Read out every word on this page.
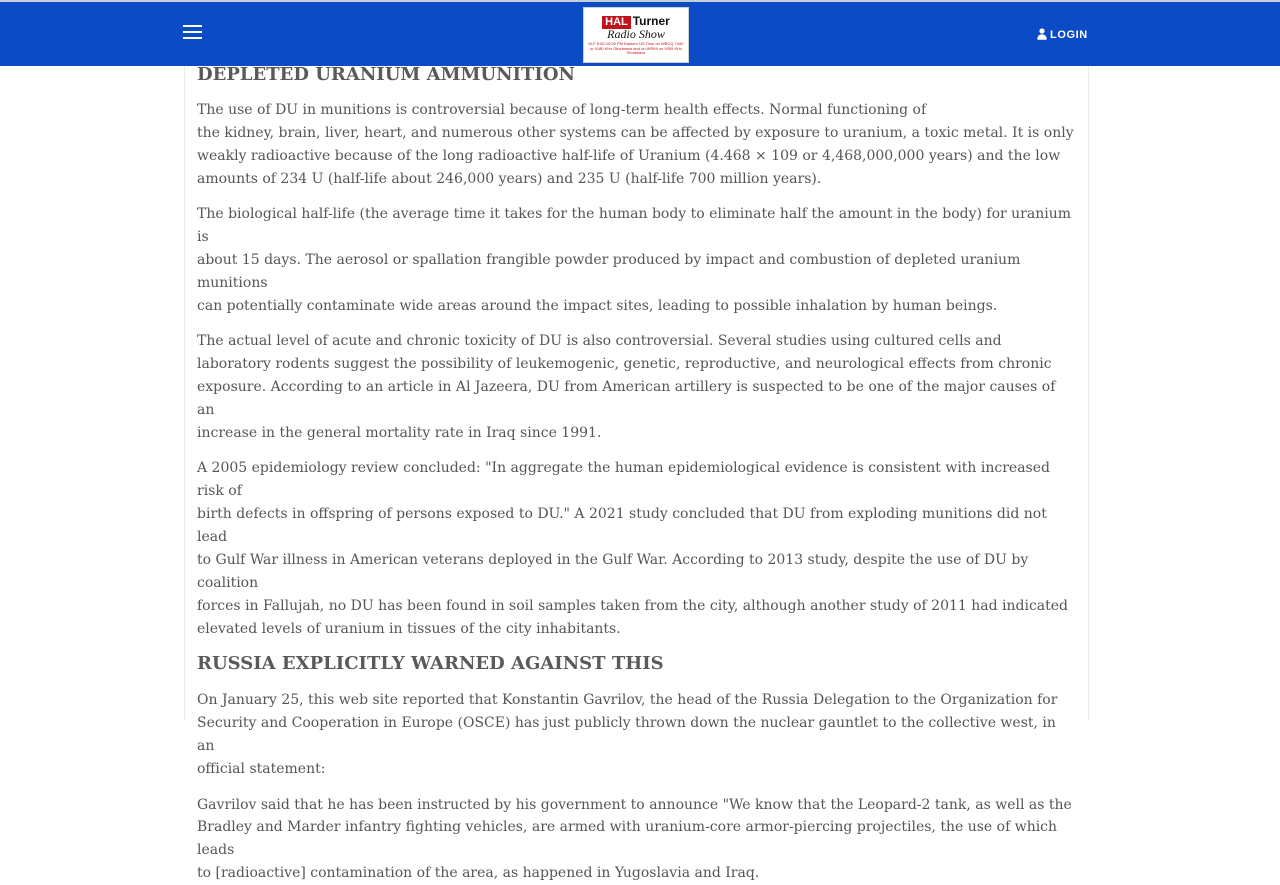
HAL Turner
Radio Show
M-F 8:00-10:00 PM Eastern US Time on WBCQ 7490 or 9180 KHz Shortwave and on WRMI on 9395 KHz Shortwave
LOGIN
DEPLETED URANIUM AMMUNITION

The use of DU in munitions is controversial because of long-term health effects. Normal functioning of
the kidney, brain, liver, heart, and numerous other systems can be affected by exposure to uranium, a toxic metal. It is only
weakly radioactive because of the long radioactive half-life of Uranium (4.468 × 109 or 4,468,000,000 years) and the low
amounts of 234 U (half-life about 246,000 years) and 235 U (half-life 700 million years).

The biological half-life (the average time it takes for the human body to eliminate half the amount in the body) for uranium is
about 15 days. The aerosol or spallation frangible powder produced by impact and combustion of depleted uranium munitions
can potentially contaminate wide areas around the impact sites, leading to possible inhalation by human beings.

The actual level of acute and chronic toxicity of DU is also controversial. Several studies using cultured cells and
laboratory rodents suggest the possibility of leukemogenic, genetic, reproductive, and neurological effects from chronic
exposure. According to an article in Al Jazeera, DU from American artillery is suspected to be one of the major causes of an
increase in the general mortality rate in Iraq since 1991.

A 2005 epidemiology review concluded: "In aggregate the human epidemiological evidence is consistent with increased risk of
birth defects in offspring of persons exposed to DU." A 2021 study concluded that DU from exploding munitions did not lead
to Gulf War illness in American veterans deployed in the Gulf War. According to 2013 study, despite the use of DU by coalition
forces in Fallujah, no DU has been found in soil samples taken from the city, although another study of 2011 had indicated
elevated levels of uranium in tissues of the city inhabitants.

RUSSIA EXPLICITLY WARNED AGAINST THIS

On January 25, this web site reported that Konstantin Gavrilov, the head of the Russia Delegation to the Organization for
Security and Cooperation in Europe (OSCE) has just publicly thrown down the nuclear gauntlet to the collective west, in an
official statement:

Gavrilov said that he has been instructed by his government to announce "We know that the Leopard-2 tank, as well as the
Bradley and Marder infantry fighting vehicles, are armed with uranium-core armor-piercing projectiles, the use of which leads
to [radioactive] contamination of the area, as happened in Yugoslavia and Iraq.
